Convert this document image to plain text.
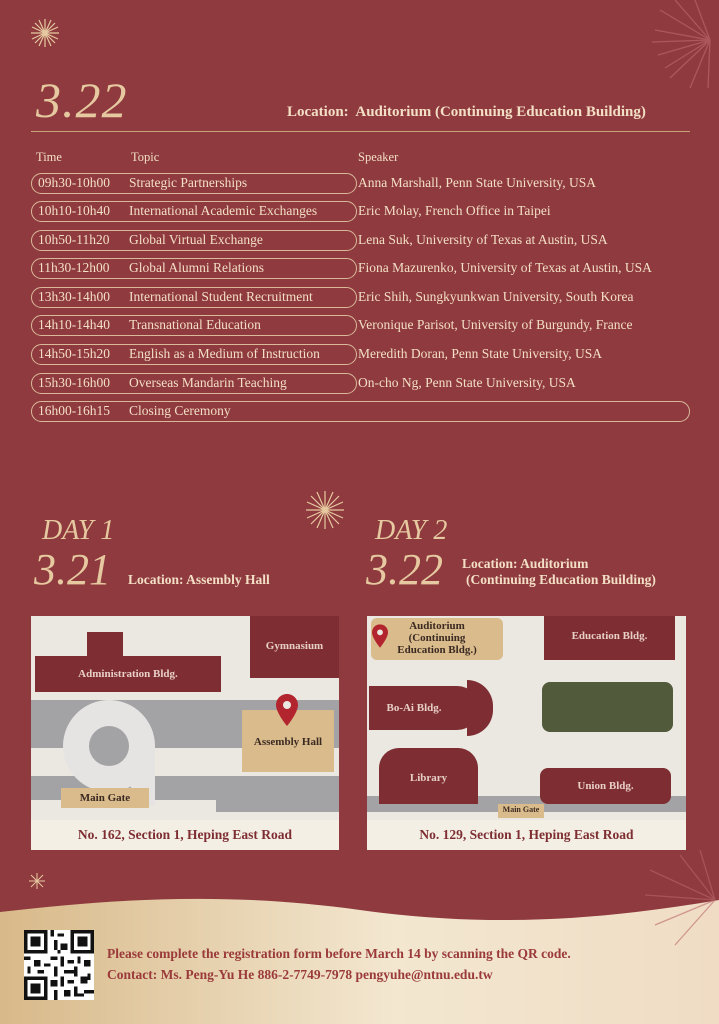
3.22	Location: Auditorium (Continuing Education Building)
Time	Topic	Speaker
09h30-10h00 Strategic Partnerships	Anna Marshall, Penn State University, USA
10h10-10h40 International Academic Exchanges	Eric Molay, French Office in Taipei
10h50-11h20 Global Virtual Exchange	Lena Suk, University of Texas at Austin, USA
11h30-12h00 Global Alumni Relations	Fiona Mazurenko, University of Texas at Austin, USA
13h30-14h00 International Student Recruitment	Eric Shih, Sungkyunkwan University, South Korea
14h10-14h40 Transnational Education	Veronique Parisot, University of Burgundy, France
14h50-15h20 English as a Medium of Instruction	Meredith Doran, Penn State University, USA
15h30-16h00 Overseas Mandarin Teaching	On-cho Ng, Penn State University, USA
16h00-16h15 Closing Ceremony
DAY 1
3.21 Location: Assembly Hall
Gymnasium
Administration Bldg.
Assembly Hall
Main Gate
No. 162, Section 1, Heping East Road
DAY 2
3.22 Location: Auditorium
(Continuing Education Building)
Auditorium
(Continuing
Education Bldg.)
Education Bldg.
Bo-Ai Bldg.
Library
Union Bldg.
Main Gate
No. 129, Section 1, Heping East Road
Please complete the registration form before March 14 by scanning the QR code.
Contact: Ms. Peng-Yu He 886-2-7749-7978 pengyuhe@ntnu.edu.tw
